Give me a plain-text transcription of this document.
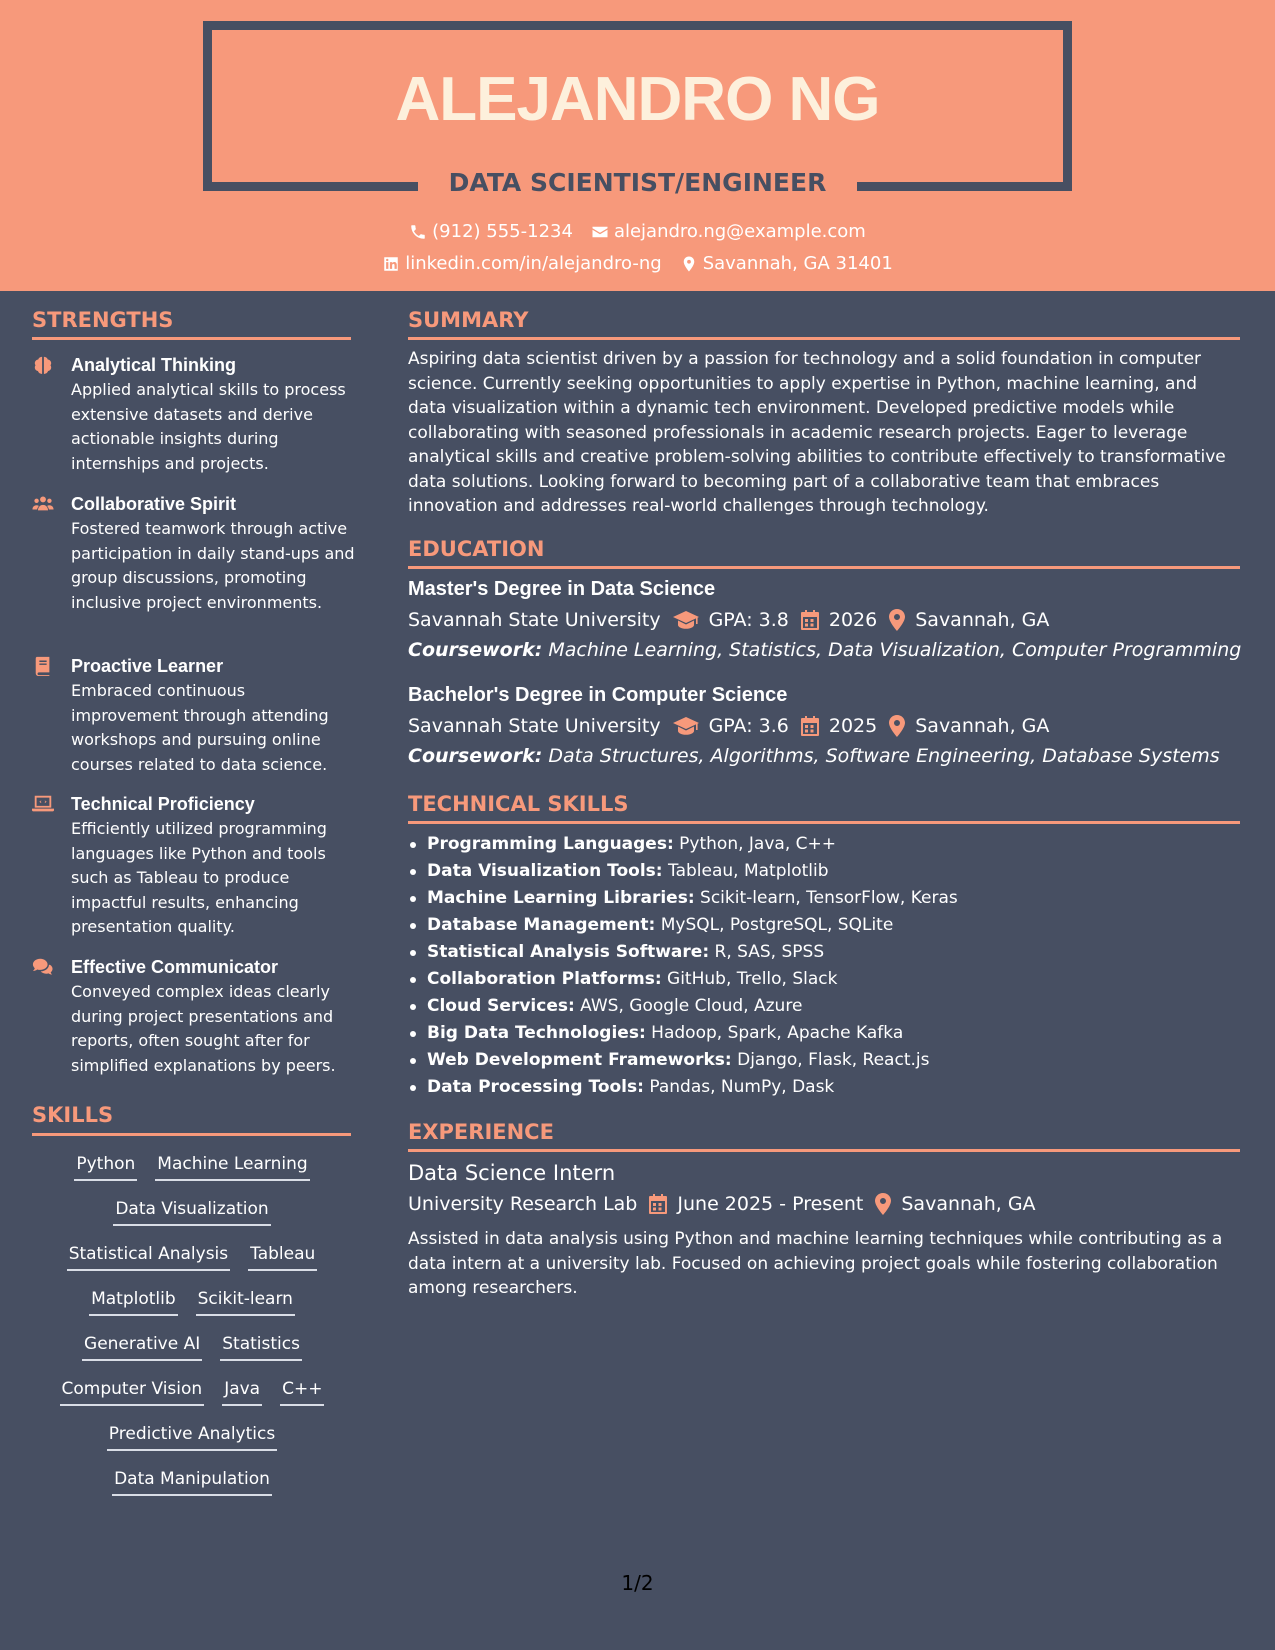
ALEJANDRO NG
DATA SCIENTIST/ENGINEER
(912) 555-1234 alejandro.ng@example.com
linkedin.com/in/alejandro-ng Savannah, GA 31401
STRENGTHS
Analytical Thinking
Applied analytical skills to process extensive datasets and derive actionable insights during internships and projects.
Collaborative Spirit
Fostered teamwork through active participation in daily stand-ups and group discussions, promoting inclusive project environments.
Proactive Learner
Embraced continuous improvement through attending workshops and pursuing online courses related to data science.
Technical Proficiency
Efficiently utilized programming languages like Python and tools such as Tableau to produce impactful results, enhancing presentation quality.
Effective Communicator
Conveyed complex ideas clearly during project presentations and reports, often sought after for simplified explanations by peers.
SKILLS
Python Machine Learning
Data Visualization
Statistical Analysis Tableau
Matplotlib Scikit-learn
Generative AI Statistics
Computer Vision Java C++
Predictive Analytics
Data Manipulation
SUMMARY
Aspiring data scientist driven by a passion for technology and a solid foundation in computer science. Currently seeking opportunities to apply expertise in Python, machine learning, and data visualization within a dynamic tech environment. Developed predictive models while collaborating with seasoned professionals in academic research projects. Eager to leverage analytical skills and creative problem-solving abilities to contribute effectively to transformative data solutions. Looking forward to becoming part of a collaborative team that embraces innovation and addresses real-world challenges through technology.
EDUCATION
Master's Degree in Data Science
Savannah State University	GPA: 3.8 2026 Savannah, GA
Coursework: Machine Learning, Statistics, Data Visualization, Computer Programming
Bachelor's Degree in Computer Science
Savannah State University	GPA: 3.6 2025 Savannah, GA
Coursework: Data Structures, Algorithms, Software Engineering, Database Systems
TECHNICAL SKILLS
Programming Languages: Python, Java, C++
Data Visualization Tools: Tableau, Matplotlib
Machine Learning Libraries: Scikit-learn, TensorFlow, Keras
Database Management: MySQL, PostgreSQL, SQLite
Statistical Analysis Software: R, SAS, SPSS
Collaboration Platforms: GitHub, Trello, Slack
Cloud Services: AWS, Google Cloud, Azure
Big Data Technologies: Hadoop, Spark, Apache Kafka
Web Development Frameworks: Django, Flask, React.js
Data Processing Tools: Pandas, NumPy, Dask
EXPERIENCE
Data Science Intern
University Research Lab June 2025 - Present Savannah, GA
Assisted in data analysis using Python and machine learning techniques while contributing as a data intern at a university lab. Focused on achieving project goals while fostering collaboration among researchers.
1/2
